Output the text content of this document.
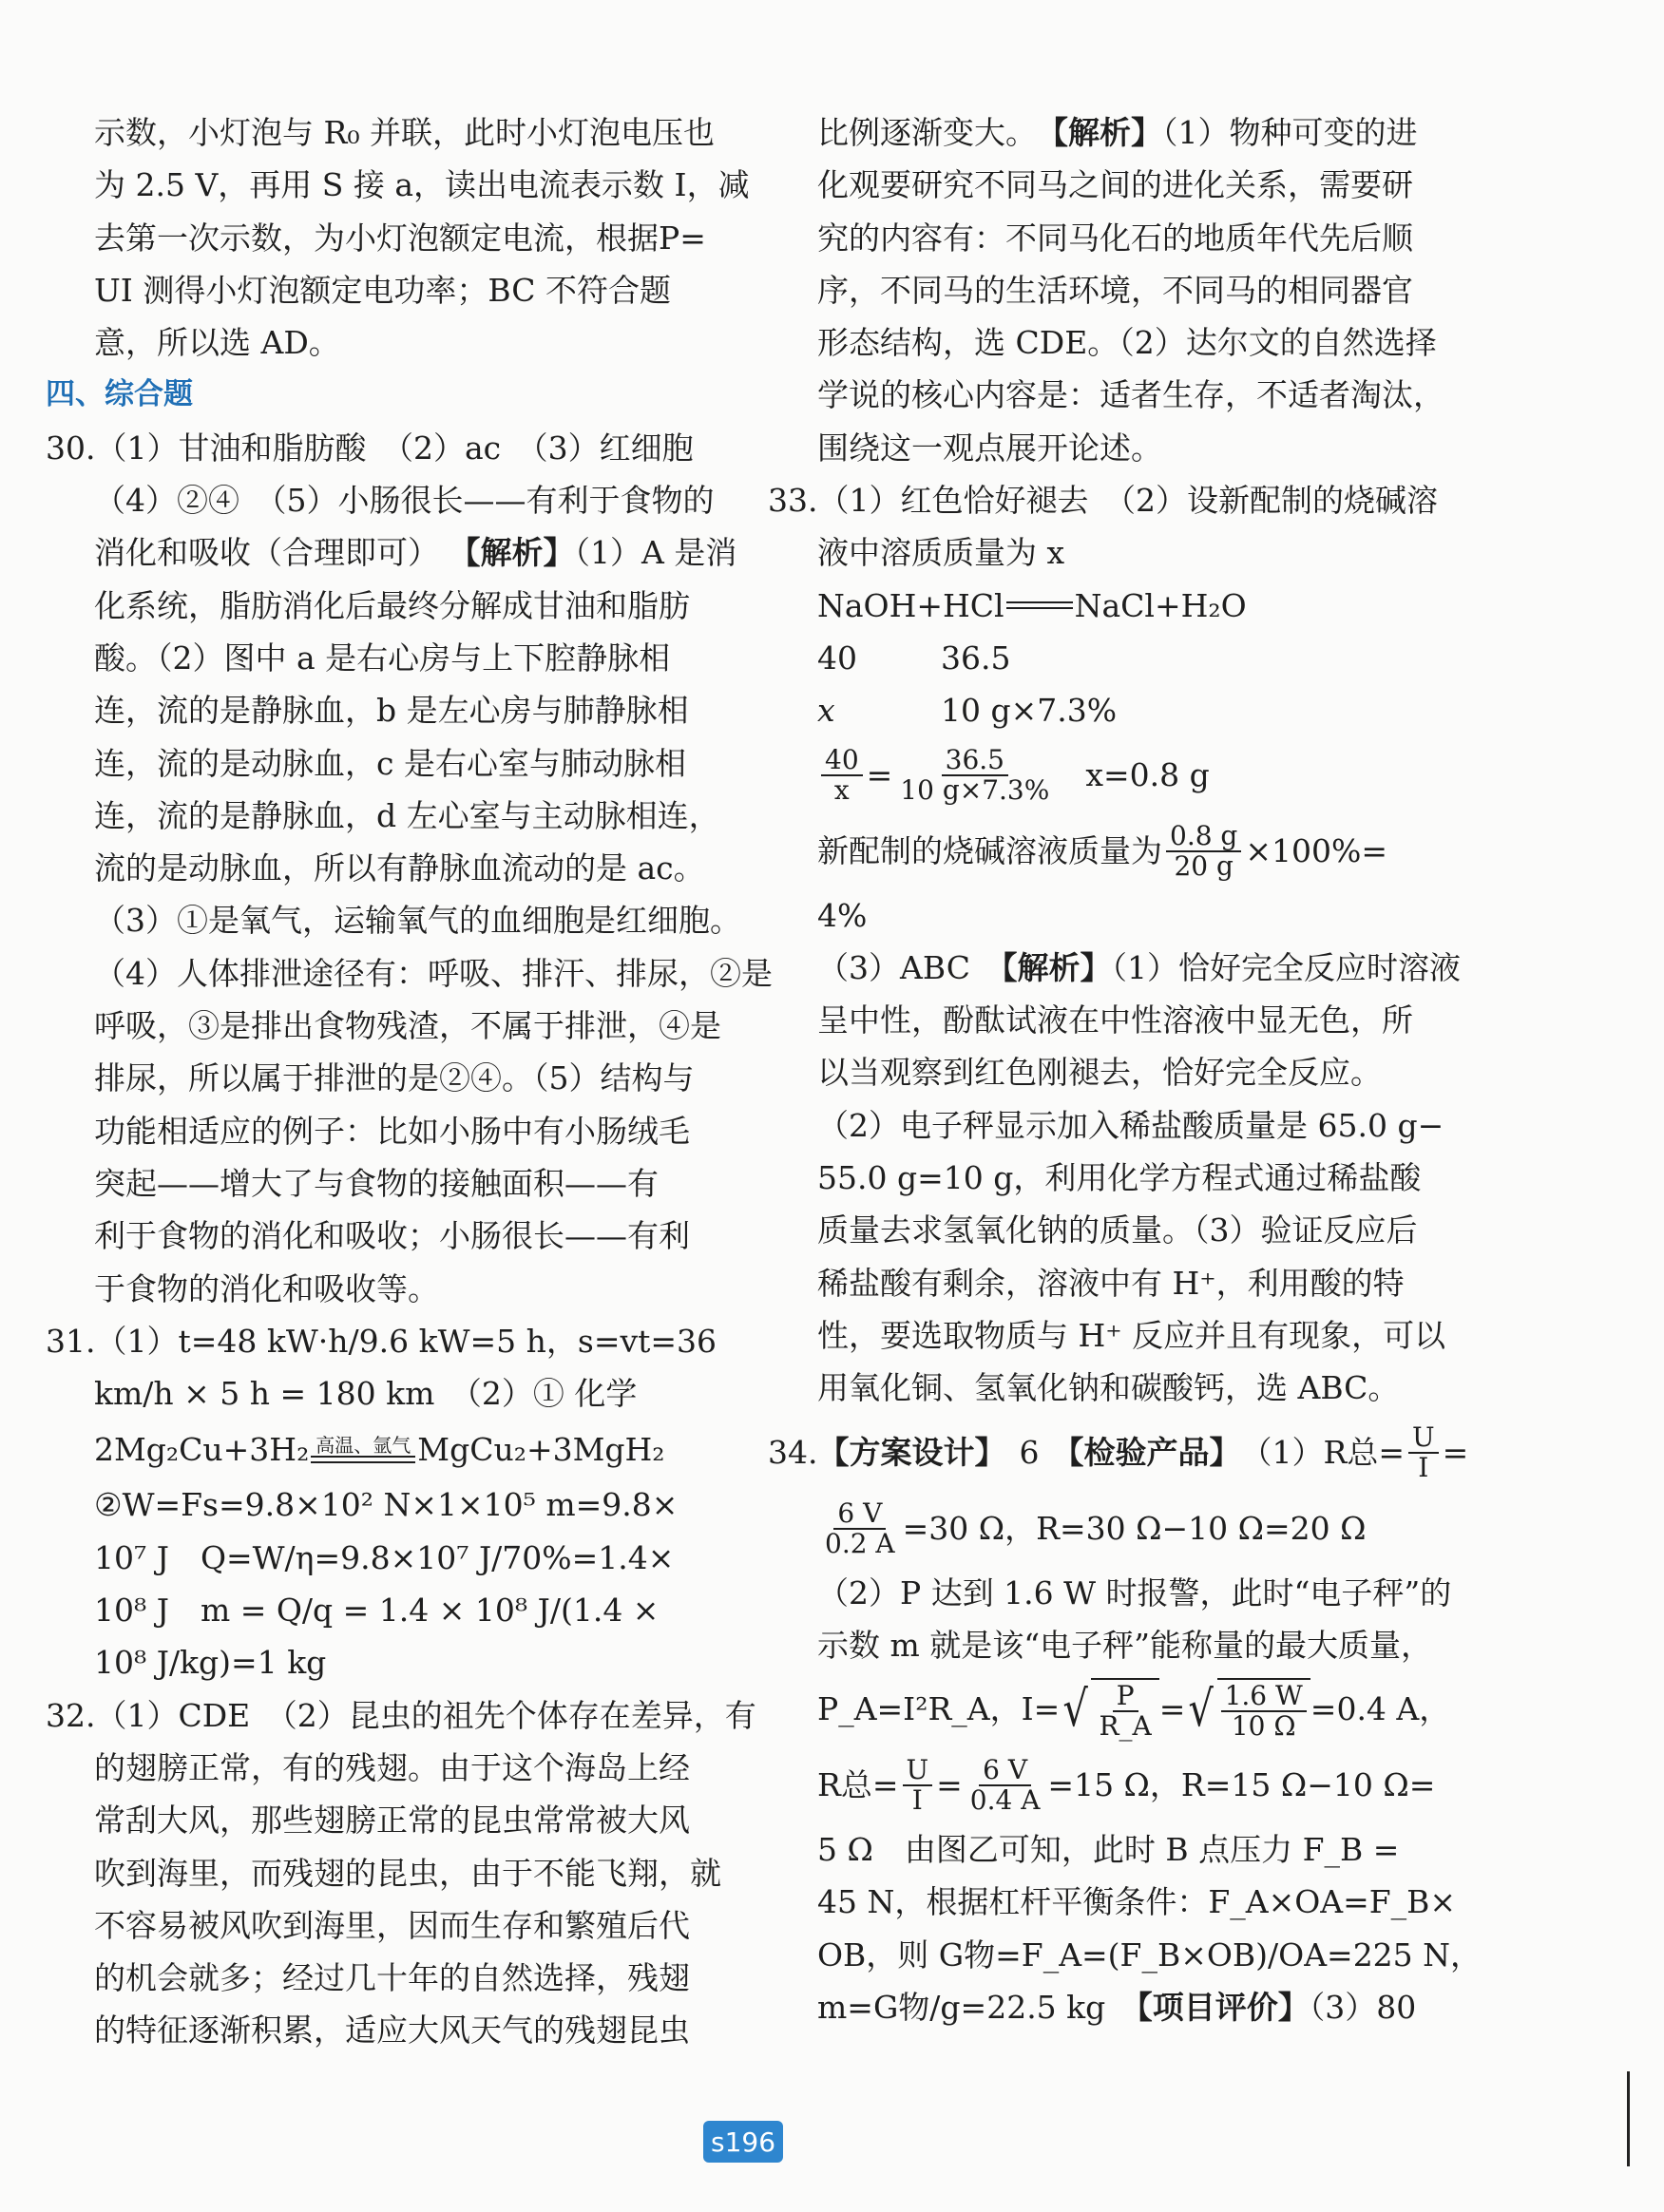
示数，小灯泡与 R₀ 并联，此时小灯泡电压也
为 2.5 V，再用 S 接 a，读出电流表示数 I，减
去第一次示数，为小灯泡额定电流，根据P=
UI 测得小灯泡额定电功率；BC 不符合题
意，所以选 AD。
四、综合题
30.（1）甘油和脂肪酸　（2）ac　（3）红细胞
（4）②④　（5）小肠很长——有利于食物的
消化和吸收（合理即可） 【解析】（1）A 是消
化系统，脂肪消化后最终分解成甘油和脂肪
酸。（2）图中 a 是右心房与上下腔静脉相
连，流的是静脉血，b 是左心房与肺静脉相
连，流的是动脉血，c 是右心室与肺动脉相
连，流的是静脉血，d 左心室与主动脉相连，
流的是动脉血，所以有静脉血流动的是 ac。
（3）①是氧气，运输氧气的血细胞是红细胞。
（4）人体排泄途径有：呼吸、排汗、排尿，②是
呼吸，③是排出食物残渣，不属于排泄，④是
排尿，所以属于排泄的是②④。（5）结构与
功能相适应的例子：比如小肠中有小肠绒毛
突起——增大了与食物的接触面积——有
利于食物的消化和吸收；小肠很长——有利
于食物的消化和吸收等。
31.（1）t=48 kW·h/9.6 kW=5 h，s=vt=36
km/h × 5 h = 180 km　（2）① 化学
2Mg₂Cu+3H₂ 高温、氩气 MgCu₂+3MgH₂
②W=Fs=9.8×10² N×1×10⁵ m=9.8×
10⁷ J　Q=W/η=9.8×10⁷ J/70%=1.4×
10⁸ J　m = Q/q = 1.4 × 10⁸ J/(1.4 ×
10⁸ J/kg)=1 kg
32.（1）CDE　（2）昆虫的祖先个体存在差异，有
的翅膀正常，有的残翅。由于这个海岛上经
常刮大风，那些翅膀正常的昆虫常常被大风
吹到海里，而残翅的昆虫，由于不能飞翔，就
不容易被风吹到海里，因而生存和繁殖后代
的机会就多；经过几十年的自然选择，残翅
的特征逐渐积累，适应大风天气的残翅昆虫
比例逐渐变大。　 【解析】（1）物种可变的进
化观要研究不同马之间的进化关系，需要研
究的内容有：不同马化石的地质年代先后顺
序，不同马的生活环境，不同马的相同器官
形态结构，选 CDE。（2）达尔文的自然选择
学说的核心内容是：适者生存，不适者淘汰，
围绕这一观点展开论述。
33.（1）红色恰好褪去　（2）设新配制的烧碱溶
液中溶质质量为 x
NaOH+HCl NaCl+H₂O
40	36.5
x	10 g×7.3%
$\frac{40}{x} = \frac{36.5}{10 g\times 7.3\%} x=0.8$ g
新配制的烧碱溶液质量为 $\frac{0.8 g}{20 g} \times 100\%=$
4%
（3）ABC　 【解析】（1）恰好完全反应时溶液
呈中性，酚酞试液在中性溶液中显无色，所
以当观察到红色刚褪去，恰好完全反应。
（2）电子秤显示加入稀盐酸质量是 65.0 g−
55.0 g=10 g，利用化学方程式通过稀盐酸
质量去求氢氧化钠的质量。（3）验证反应后
稀盐酸有剩余，溶液中有 H⁺，利用酸的特
性，要选取物质与 H⁺ 反应并且有现象，可以
用氧化铜、氢氧化钠和碳酸钙，选 ABC。
34. 【方案设计】 6 【检验产品】 （1）R总= $\frac{U}{I}$ =
$\frac{6 V}{0.2 A} =30$ Ω，R=30 Ω−10 Ω=20 Ω
（2）P 达到 1.6 W 时报警，此时“电子秤”的
示数 m 就是该“电子秤”能称量的最大质量，
P_A=I²R_A，I= √ $\frac{P}{R\_A}$ = √ $\frac{1.6 W}{10 \Omega} =0.4$ A，
R总= $\frac{U}{I} = \frac{6 V}{0.4 A} =15$ Ω，R=15 Ω−10 Ω=
5 Ω　由图乙可知，此时 B 点压力 F_B =
45 N，根据杠杆平衡条件：F_A×OA=F_B×
OB，则 G物=F_A=(F_B×OB)/OA=225 N，
m=G物/g=22.5 kg　 【项目评价】（3）80
s196
